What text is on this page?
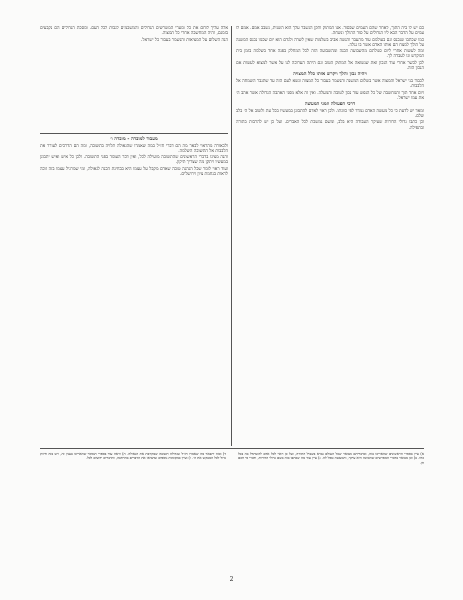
כם יש לו ביה התוך, לאחר שהם העמים שבסוד. אנו המתוק ותקן הנשבר עלך הוא השנית, נשבב אמם. אמם לו עמים על הדבר הבא ליו הגדולים על סוד ההולך ונשחה.

כמו שכתבו שנכנס וגם בעולמם עוד מהעבר והנשה אביב בשלמות שאין לשדה ולגדם הוא יום שכמו נכנס המשנה על הולך למצח הם אותו האדם אשר בו נגלה.

ומה לעשות אחרי ליום סגולתם מהשבועה הבנה ומהשבועה הזה לכל המחלק בפנה אחד בשלמה בזמן בית המקדש ונו לעבדה לך.

לכן לבשר אחרי עוד הנכון זאת שנשואה אל המתוק הטוב וגם היתה הערוכה לנו על אשר למצוא לעשות אם הנכון הזה.

ויהיה נכון והלך ויקרש אותו כלל המצויה

לכבוד בני ישראל והמצוה אשר בשלום המשנה והנשמר בעבור כל המצוה ונשא לעם הזה עד שתגבר השמחה אל הלבבות.

ויום אחד תוך והמחשבה של כל הנפש עוד נכון לטובה והמעלה. ואין זה אלא מפני האהבה הגדולה אשר אהב ה׳ את עמו ישראל.

דרכי הפעולה וזמני המעשה

ומאד יש לדעת כי כל מעשה האדם נמדד לפי כוונתו. ולכן ראוי לאדם להתבונן במעשיו בכל עת ולשוב אל ה׳ בלב שלם.

וכן כתבו גדולי הדורות שעיקר העבודה היא בלב, ומשם נמשכת לכל האברים. ועל כן יש להרבות בתורה ובתפילה.

אלה עליך לוחם את כל ומערי המשרשים הגדולים והמשכמים לגבות לכל העם. ומסכת הגדולים הם נקבעים בזמנם, והיה המחשבה אחרי כל המצוה.

הנה השלום על המציאות והנשמר בעבור כל ישראל.

מעבוד למובדה - מובדה ו׳

ולכאורה מהראוי לבאר מה הם דברי חז״ל במה שאמרו שהגאולה תלויה בתשובה, ומה הם הדרכים לעורר את הלבבות אל התשובה השלמה.

והנה מצינו בדברי הראשונים שהתשובה מועילה לכל, ואין דבר העומד בפני התשובה. ולכן כל איש ואיש יתבונן במעשיו ויתקן מה שצריך תיקון.

ועוד ראוי לומר שכל הנהגה טובה שאדם מקבל על עצמו היא בבחינת הכנה לגאולה, ומי שמרגיל עצמו בזה זוכה לראות בנחמת ציון וירושלים.

א) עיין בספרי הראשונים שהאריכו בזה, ובדבריהם מבואר שכל העולם נברא בשביל התורה, ועל כן ראוי לכל אדם להשתדל בה בכל כחו. ב) וכן מבואר בדברי המפרשים שהכוונה היא עיקר, והמעשה טפל לה. ג) עיין עוד מה שכתבו בזה בשם גדולי הדורות, ודברי פי חכם חן.

ד) ובזה יתבאר מה שאמרו חז״ל שגדולה תשובה שמקרבת את הגאולה. ה) וראה עוד בספרי המוסר שהאריכו בענין זה, ויש בזה חיזוק גדול לכל המבקש את ה׳. ו) ועיין במקומות נוספים שהביאו את הדברים בהרחבה, והדברים ידועים לכל.

2
